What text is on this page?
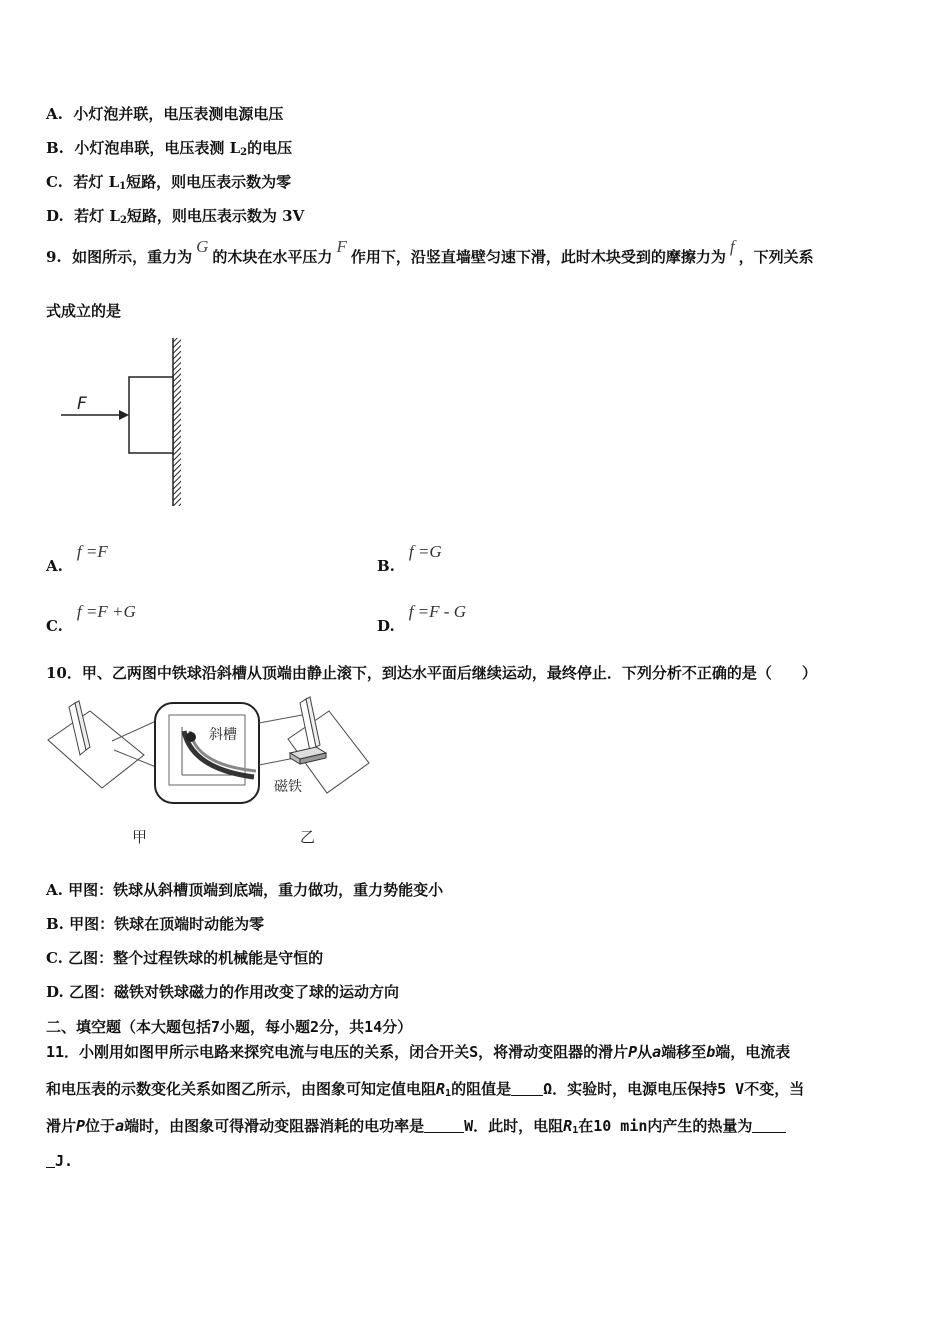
A. 小灯泡并联，电压表测电源电压
B. 小灯泡串联，电压表测 $L_2$的电压
C. 若灯 $L_1$短路，则电压表示数为零
D. 若灯 $L_2$短路，则电压表示数为 3V
9. 如图所示，重力为G的木块在水平压力F作用下，沿竖直墙壁匀速下滑，此时木块受到的摩擦力为f，下列关系
式成立的是
F
A.f =F
B.f =G
C.f =F +G
D.f =F - G
10．甲、乙两图中铁球沿斜槽从顶端由静止滚下，到达水平面后继续运动，最终停止．下列分析不正确的是（　　）
斜槽
磁铁
甲	乙
A. 甲图：铁球从斜槽顶端到底端，重力做功，重力势能变小
B. 甲图：铁球在顶端时动能为零
C. 乙图：整个过程铁球的机械能是守恒的
D. 乙图：磁铁对铁球磁力的作用改变了球的运动方向
二、填空题（本大题包括7小题，每小题2分，共14分）
11．小刚用如图甲所示电路来探究电流与电压的关系，闭合开关S，将滑动变阻器的滑片P从a端移至b端，电流表
和电压表的示数变化关系如图乙所示，由图象可知定值电阻$R_1$的阻值是 Ω．实验时，电源电压保持5 V不变，当
滑片P位于a端时，由图象可得滑动变阻器消耗的电功率是	W．此时，电阻$R_1$在10 min内产生的热量为
J.
